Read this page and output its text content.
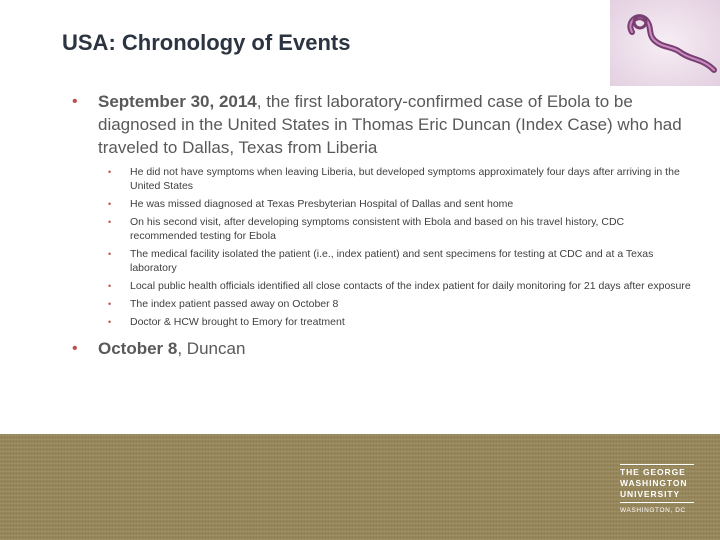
USA: Chronology of Events
• September 30, 2014, the first laboratory-confirmed case of Ebola to be diagnosed in the United States in Thomas Eric Duncan (Index Case) who had traveled to Dallas, Texas from Liberia
• He did not have symptoms when leaving Liberia, but developed symptoms approximately four days after arriving in the United States
• He was missed diagnosed at Texas Presbyterian Hospital of Dallas and sent home
• On his second visit, after developing symptoms consistent with Ebola and based on his travel history, CDC recommended testing for Ebola
• The medical facility isolated the patient (i.e., index patient) and sent specimens for testing at CDC and at a Texas laboratory
• Local public health officials identified all close contacts of the index patient for daily monitoring for 21 days after exposure
• The index patient passed away on October 8
• Doctor & HCW brought to Emory for treatment
• October 8, Duncan
THE GEORGE
WASHINGTON
UNIVERSITY
WASHINGTON, DC
